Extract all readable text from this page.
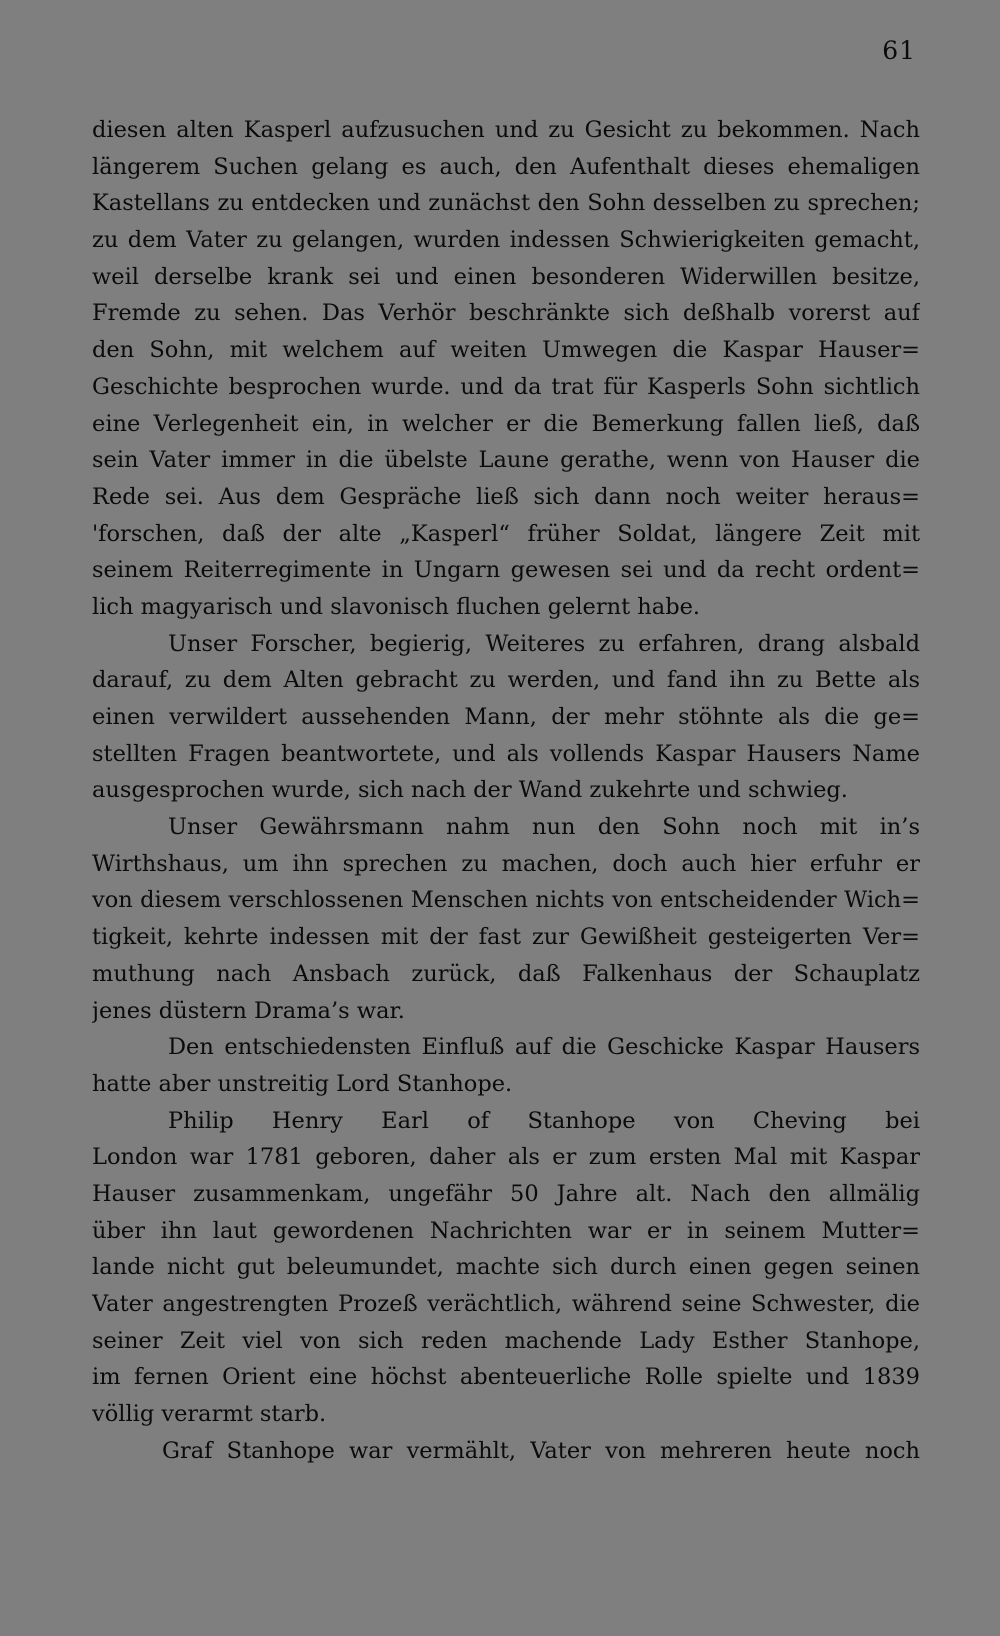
61
diesen alten Kasperl aufzusuchen und zu Gesicht zu bekommen. Nach
längerem Suchen gelang es auch, den Aufenthalt dieses ehemaligen
Kastellans zu entdecken und zunächst den Sohn desselben zu sprechen;
zu dem Vater zu gelangen, wurden indessen Schwierigkeiten gemacht,
weil derselbe krank sei und einen besonderen Widerwillen besitze,
Fremde zu sehen. Das Verhör beschränkte sich deßhalb vorerst auf
den Sohn, mit welchem auf weiten Umwegen die Kaspar Hauser=
Geschichte besprochen wurde. und da trat für Kasperls Sohn sichtlich
eine Verlegenheit ein, in welcher er die Bemerkung fallen ließ, daß
sein Vater immer in die übelste Laune gerathe, wenn von Hauser die
Rede sei. Aus dem Gespräche ließ sich dann noch weiter heraus=
'forschen, daß der alte „Kasperl“ früher Soldat, längere Zeit mit
seinem Reiterregimente in Ungarn gewesen sei und da recht ordent=
lich magyarisch und slavonisch fluchen gelernt habe.
Unser Forscher, begierig, Weiteres zu erfahren, drang alsbald
darauf, zu dem Alten gebracht zu werden, und fand ihn zu Bette als
einen verwildert aussehenden Mann, der mehr stöhnte als die ge=
stellten Fragen beantwortete, und als vollends Kaspar Hausers Name
ausgesprochen wurde, sich nach der Wand zukehrte und schwieg.
Unser Gewährsmann nahm nun den Sohn noch mit in’s
Wirthshaus, um ihn sprechen zu machen, doch auch hier erfuhr er
von diesem verschlossenen Menschen nichts von entscheidender Wich=
tigkeit, kehrte indessen mit der fast zur Gewißheit gesteigerten Ver=
muthung nach Ansbach zurück, daß Falkenhaus der Schauplatz
jenes düstern Drama’s war.
Den entschiedensten Einfluß auf die Geschicke Kaspar Hausers
hatte aber unstreitig Lord Stanhope.
Philip Henry Earl of Stanhope von Cheving bei
London war 1781 geboren, daher als er zum ersten Mal mit Kaspar
Hauser zusammenkam, ungefähr 50 Jahre alt. Nach den allmälig
über ihn laut gewordenen Nachrichten war er in seinem Mutter=
lande nicht gut beleumundet, machte sich durch einen gegen seinen
Vater angestrengten Prozeß verächtlich, während seine Schwester, die
seiner Zeit viel von sich reden machende Lady Esther Stanhope,
im fernen Orient eine höchst abenteuerliche Rolle spielte und 1839
völlig verarmt starb.
Graf Stanhope war vermählt, Vater von mehreren heute noch
